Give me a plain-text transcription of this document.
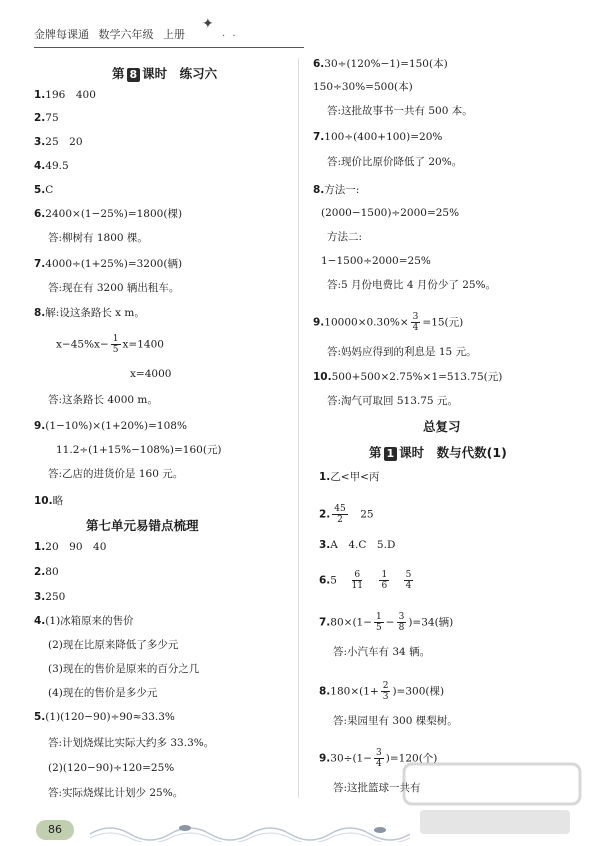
金牌每课通 数学六年级 上册
✦
· ·
第 8 课时　练习六
1.196　400
2.75
3.25　20
4.49.5
5.C
6.2400×(1−25%)=1800(棵)
答:柳树有 1800 棵。
7.4000÷(1+25%)=3200(辆)
答:现在有 3200 辆出租车。
8.解:设这条路长 x m。
$x-45\%x- \frac{1}{5} x=1400$
x=4000
答:这条路长 4000 m。
9.(1−10%)×(1+20%)=108%
11.2÷(1+15%−108%)=160(元)
答:乙店的进货价是 160 元。
10.略
第七单元易错点梳理
1.20　90　40
2.80
3.250
4.(1)冰箱原来的售价
(2)现在比原来降低了多少元
(3)现在的售价是原来的百分之几
(4)现在的售价是多少元
5.(1)(120−90)÷90≈33.3%
答:计划烧煤比实际大约多 33.3%。
(2)(120−90)÷120=25%
答:实际烧煤比计划少 25%。
6.30÷(120%−1)=150(本)
150÷30%=500(本)
答:这批故事书一共有 500 本。
7.100÷(400+100)=20%
答:现价比原价降低了 20%。
8.方法一:
(2000−1500)÷2000=25%
方法二:
1−1500÷2000=25%
答:5 月份电费比 4 月份少了 25%。
$9.10000\times 0.30\%\times \frac{3}{4} =15$(元)
答:妈妈应得到的利息是 15 元。
10.500+500×2.75%×1=513.75(元)
答:淘气可取回 513.75 元。
总复习
第 1 课时　数与代数(1)
1.乙<甲<丙
2. $\frac{45}{2}$
　 25
3.A　4.C　5.D
6.5　 $\frac{6}{11}$
　 $\frac{1}{6}$
　 $\frac{5}{4}$
$7.80\times(1- \frac{1}{5} - \frac{3}{8} )=34$(辆)
答:小汽车有 34 辆。
$8.180\times(1+ \frac{2}{3} )=300$(棵)
答:果园里有 300 棵梨树。
$9.30\div(1- \frac{3}{4} )=120$(个)
答:这批篮球一共有
86
